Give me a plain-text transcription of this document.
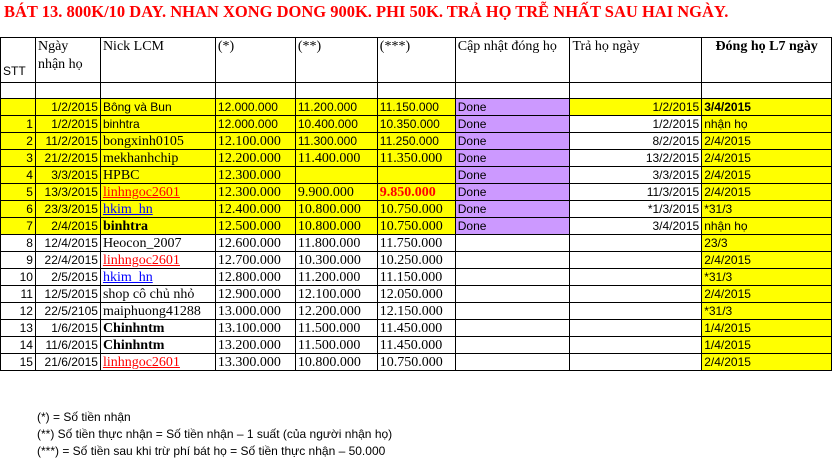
BÁT 13. 800K/10 DAY. NHAN XONG DONG 900K. PHI 50K. TRẢ HỌ TRỄ NHẤT SAU HAI NGÀY.
STT	Ngày nhận họ	Nick LCM	(*)	(**)	(***)	Cập nhật đóng họ	Trả họ ngày	Đóng họ L7 ngày

	1/2/2015	Bông và Bun	12.000.000	11.200.000	11.150.000	Done	1/2/2015	3/4/2015
1	1/2/2015	binhtra	12.000.000	10.400.000	10.350.000	Done	1/2/2015	nhận họ
2	11/2/2015	bongxinh0105	12.100.000	11.300.000	11.250.000	Done	8/2/2015	2/4/2015
3	21/2/2015	mekhanhchip	12.200.000	11.400.000	11.350.000	Done	13/2/2015	2/4/2015
4	3/3/2015	HPBC	12.300.000			Done	3/3/2015	2/4/2015
5	13/3/2015	linhngoc2601	12.300.000	9.900.000	9.850.000	Done	11/3/2015	2/4/2015
6	23/3/2015	hkim_hn	12.400.000	10.800.000	10.750.000	Done	*1/3/2015	*31/3
7	2/4/2015	binhtra	12.500.000	10.800.000	10.750.000	Done	3/4/2015	nhận họ
8	12/4/2015	Heocon_2007	12.600.000	11.800.000	11.750.000			23/3
9	22/4/2015	linhngoc2601	12.700.000	10.300.000	10.250.000			2/4/2015
10	2/5/2015	hkim_hn	12.800.000	11.200.000	11.150.000			*31/3
11	12/5/2015	shop cô chủ nhỏ	12.900.000	12.100.000	12.050.000			2/4/2015
12	22/5/2105	maiphuong41288	13.000.000	12.200.000	12.150.000			*31/3
13	1/6/2015	Chinhntm	13.100.000	11.500.000	11.450.000			1/4/2015
14	11/6/2015	Chinhntm	13.200.000	11.500.000	11.450.000			1/4/2015
15	21/6/2015	linhngoc2601	13.300.000	10.800.000	10.750.000			2/4/2015
(*) = Số tiền nhận
(**) Số tiền thực nhận = Số tiền nhận – 1 suất (của người nhận họ)
(***) = Số tiền sau khi trừ phí bát họ = Số tiền thực nhận – 50.000
